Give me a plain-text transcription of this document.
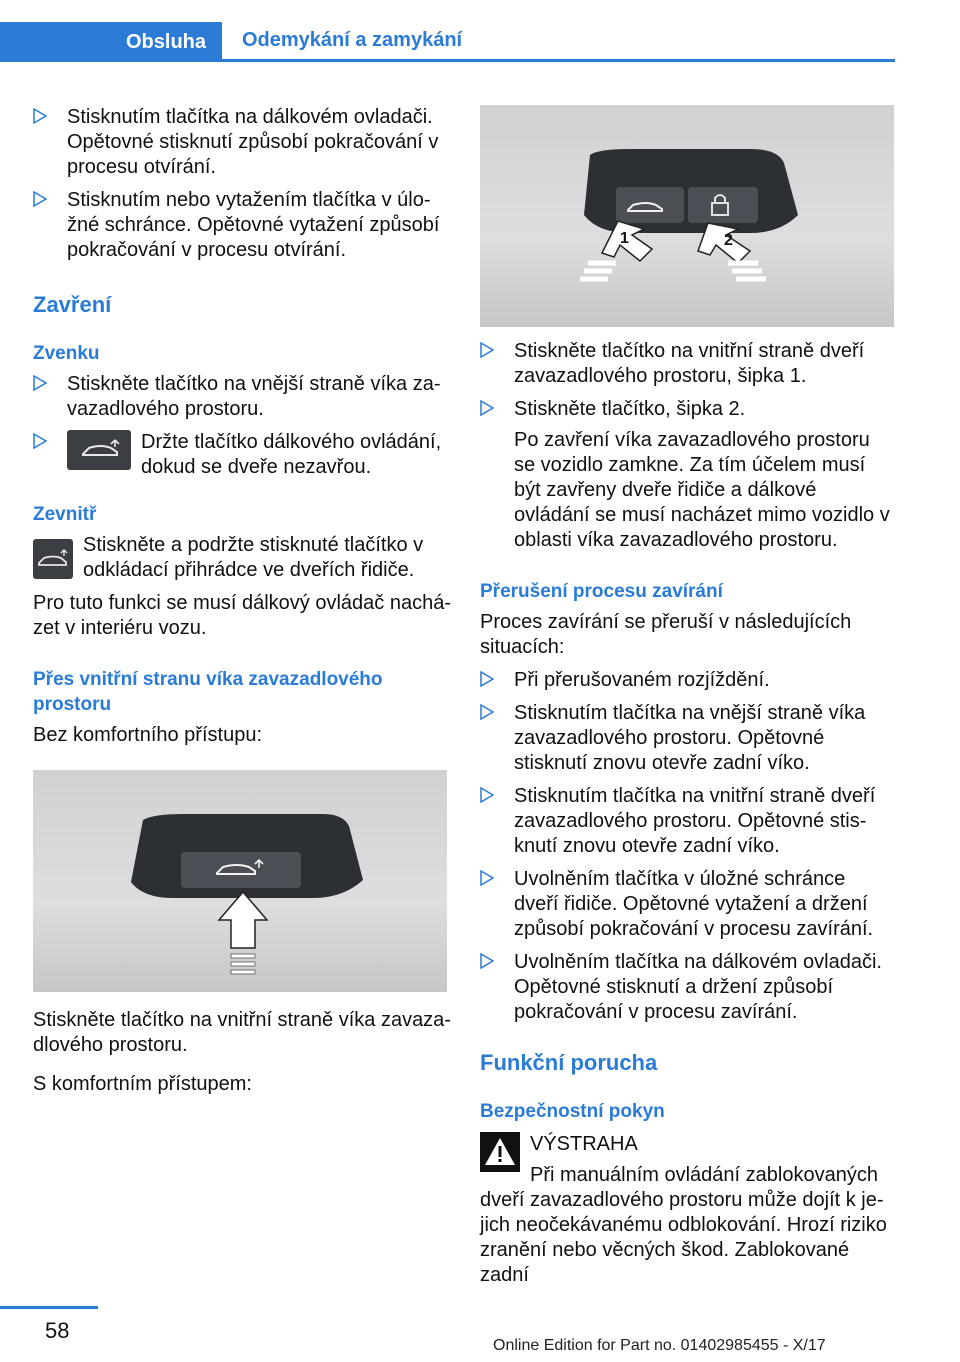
Obsluha	Odemykání a zamykání
Stisknutím tlačítka na dálkovém ovladači. Opětovné stisknutí způsobí pokračování v procesu otvírání.
Stisknutím nebo vytažením tlačítka v úložné schránce. Opětovné vytažení způsobí pokračování v procesu otvírání.
Zavření
Zvenku
Stiskněte tlačítko na vnější straně víka zavazadlového prostoru.
Držte tlačítko dálkového ovládání, dokud se dveře nezavřou.
Zevnitř
Stiskněte a podržte stisknuté tlačítko v odkládací přihrádce ve dveřích řidiče.

Pro tuto funkci se musí dálkový ovládač nacházet v interiéru vozu.

Přes vnitřní stranu víka zavazadlového prostoru

Bez komfortního přístupu:

Stiskněte tlačítko na vnitřní straně víka zavazadlového prostoru.

S komfortním přístupem:

1	2
Stiskněte tlačítko na vnitřní straně dveří zavazadlového prostoru, šipka 1.
Stiskněte tlačítko, šipka 2.

Po zavření víka zavazadlového prostoru se vozidlo zamkne. Za tím účelem musí být zavřeny dveře řidiče a dálkové ovládání se musí nacházet mimo vozidlo v oblasti víka zavazadlového prostoru.

Přerušení procesu zavírání

Proces zavírání se přeruší v následujících situacích:

Při přerušovaném rozjíždění.
Stisknutím tlačítka na vnější straně víka zavazadlového prostoru. Opětovné stisknutí znovu otevře zadní víko.
Stisknutím tlačítka na vnitřní straně dveří zavazadlového prostoru. Opětovné stisknutí znovu otevře zadní víko.
Uvolněním tlačítka v úložné schránce dveří řidiče. Opětovné vytažení a držení způsobí pokračování v procesu zavírání.
Uvolněním tlačítka na dálkovém ovladači. Opětovné stisknutí a držení způsobí pokračování v procesu zavírání.
Funkční porucha
Bezpečnostní pokyn
VÝSTRAHA
Při manuálním ovládání zablokovaných

dveří zavazadlového prostoru může dojít k jejich neočekávanému odblokování. Hrozí riziko zranění nebo věcných škod. Zablokované zadní

58
Online Edition for Part no. 01402985455 - X/17
